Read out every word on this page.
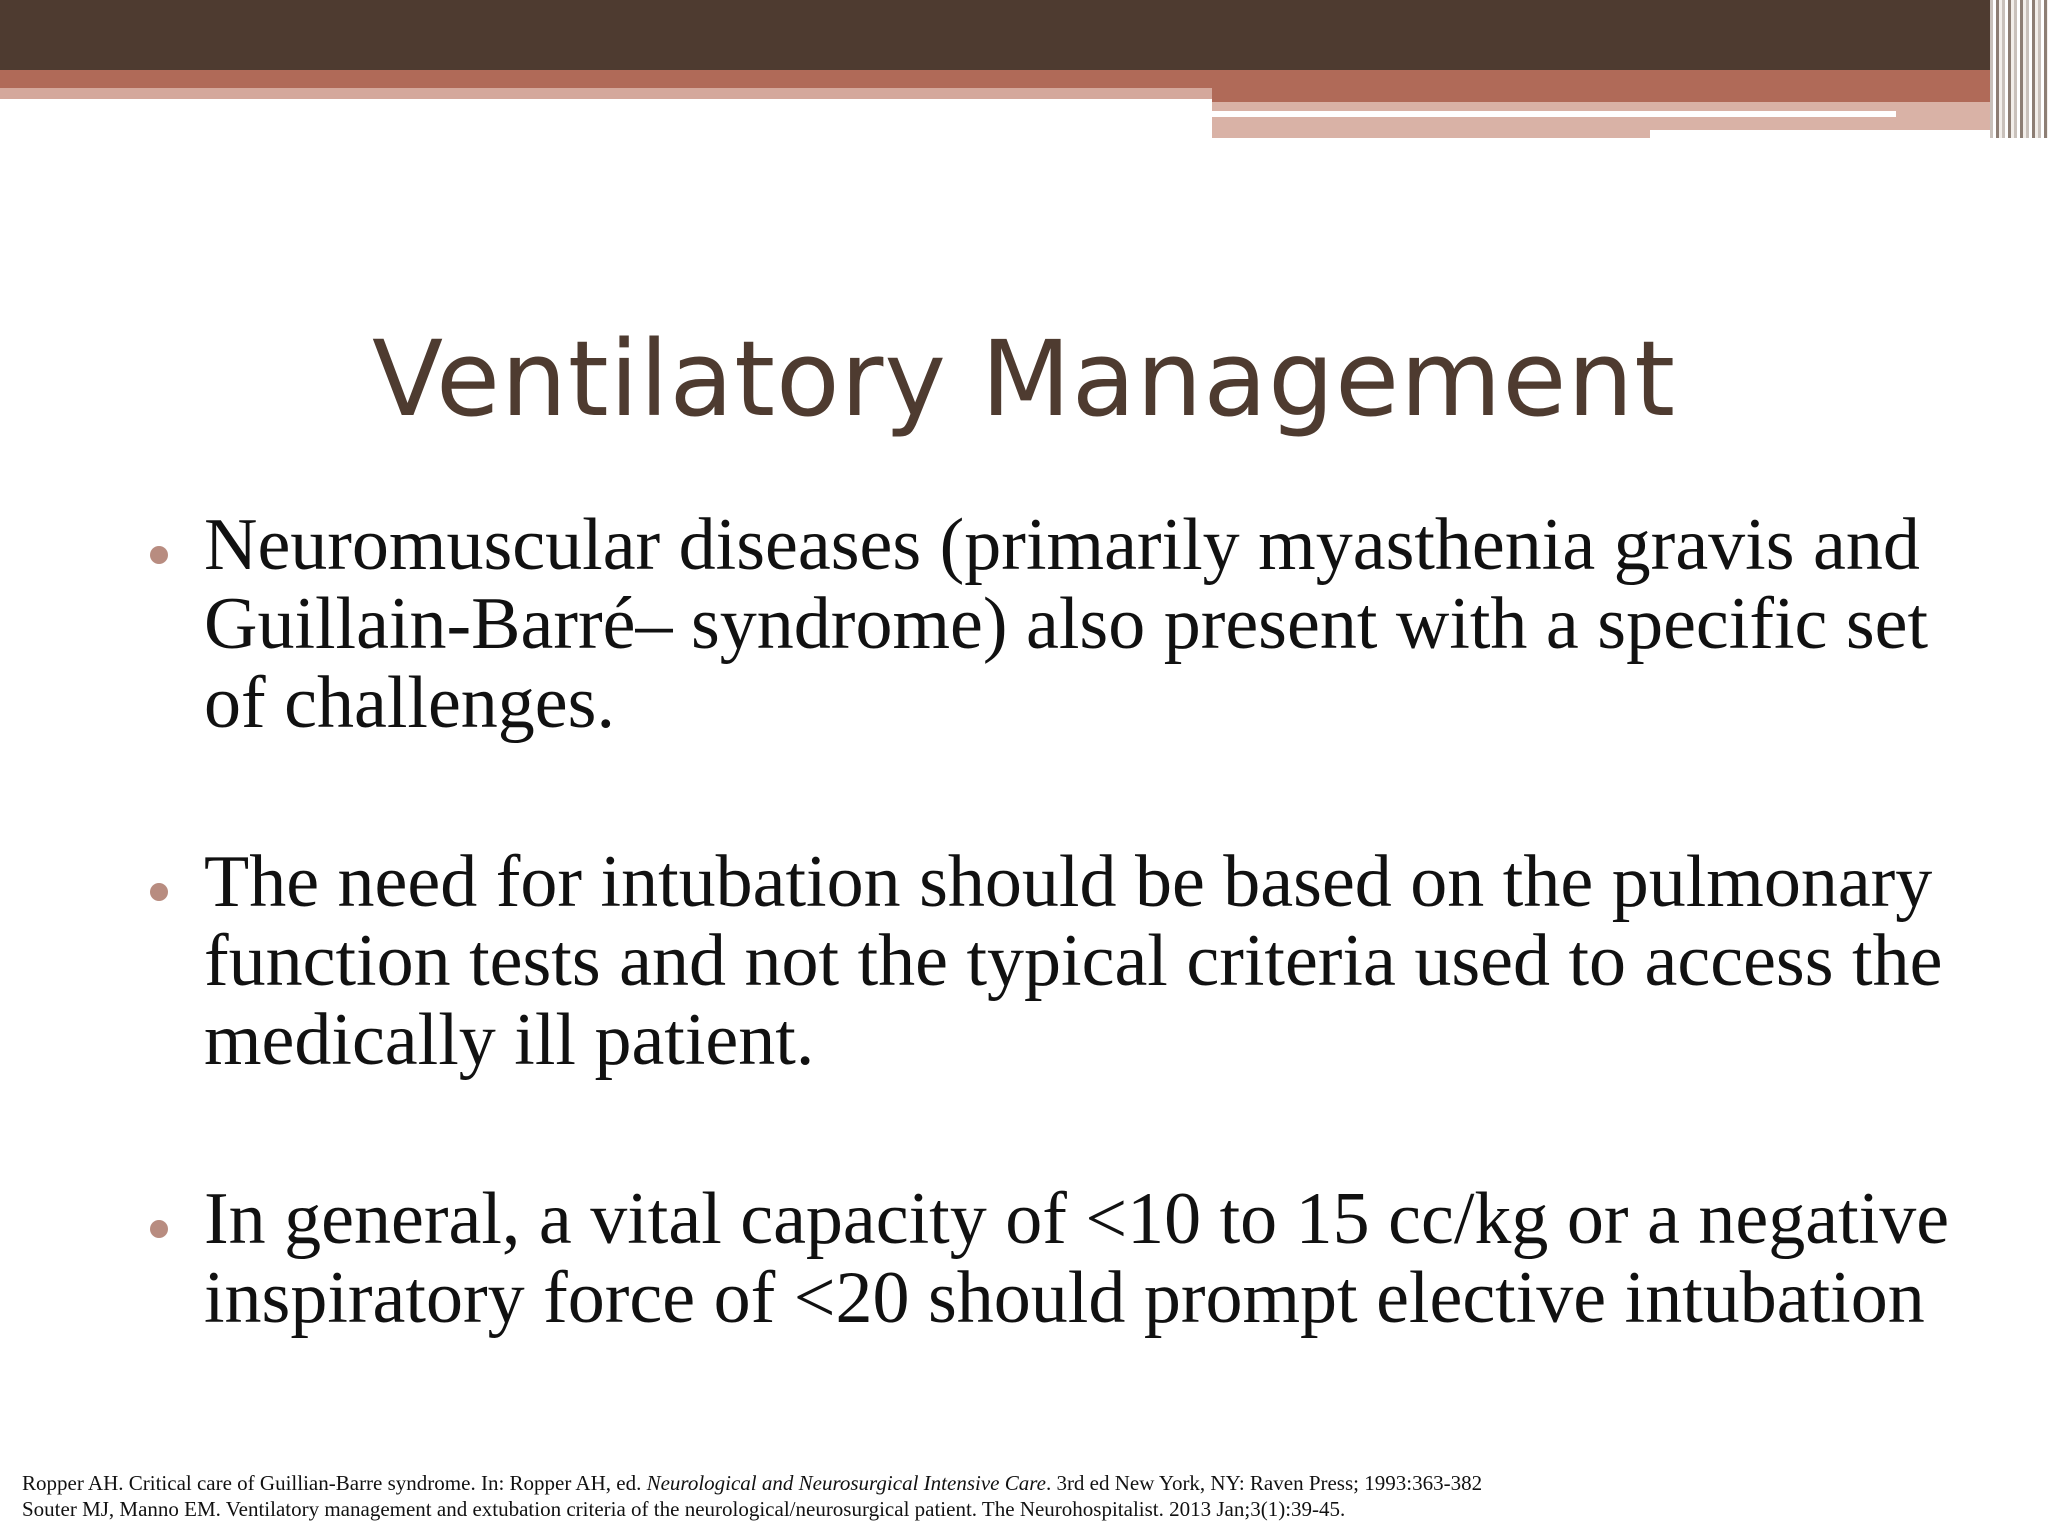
Ventilatory Management
Neuromuscular diseases (primarily myasthenia gravis and Guillain-Barré– syndrome) also present with a specific set of challenges.
The need for intubation should be based on the pulmonary function tests and not the typical criteria used to access the medically ill patient.
In general, a vital capacity of <10 to 15 cc/kg or a negative inspiratory force of <20 should prompt elective intubation
Ropper AH. Critical care of Guillian-Barre syndrome. In: Ropper AH, ed. Neurological and Neurosurgical Intensive Care. 3rd ed New York, NY: Raven Press; 1993:363-382
Souter MJ, Manno EM. Ventilatory management and extubation criteria of the neurological/neurosurgical patient. The Neurohospitalist. 2013 Jan;3(1):39-45.
